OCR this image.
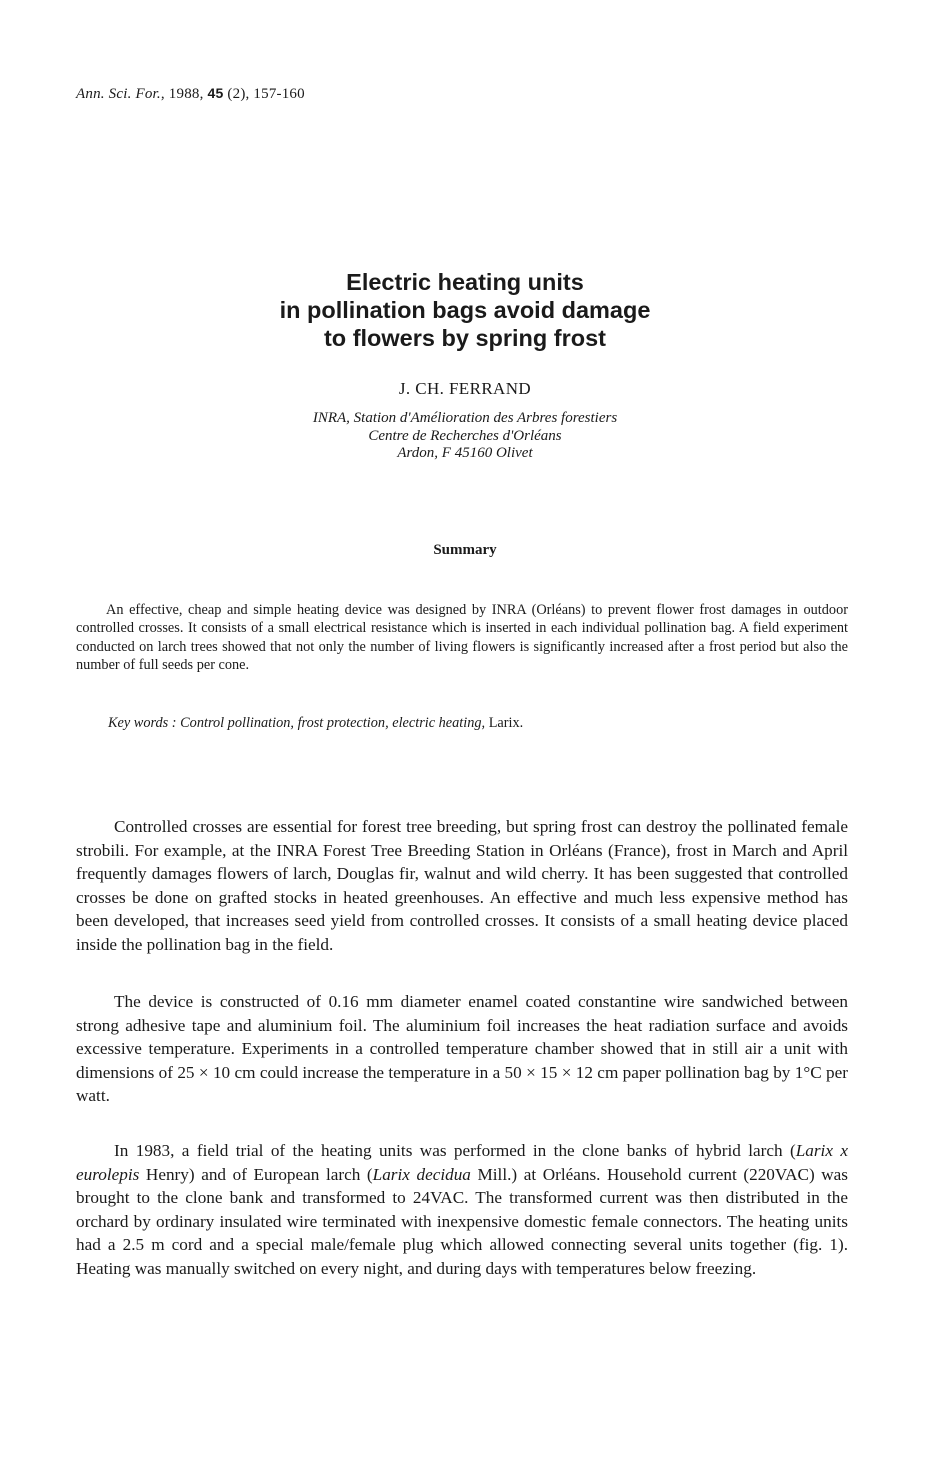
Ann. Sci. For., 1988, 45 (2), 157-160
Electric heating units
in pollination bags avoid damage
to flowers by spring frost
J. CH. FERRAND
INRA, Station d'Amélioration des Arbres forestiers
Centre de Recherches d'Orléans
Ardon, F 45160 Olivet
Summary

An effective, cheap and simple heating device was designed by INRA (Orléans) to prevent flower frost damages in outdoor controlled crosses. It consists of a small electrical resistance which is inserted in each individual pollination bag. A field experiment conducted on larch trees showed that not only the number of living flowers is significantly increased after a frost period but also the number of full seeds per cone.

Key words : Control pollination, frost protection, electric heating, Larix.

Controlled crosses are essential for forest tree breeding, but spring frost can destroy the pollinated female strobili. For example, at the INRA Forest Tree Breeding Station in Orléans (France), frost in March and April frequently damages flowers of larch, Douglas fir, walnut and wild cherry. It has been suggested that controlled crosses be done on grafted stocks in heated greenhouses. An effective and much less expensive method has been developed, that increases seed yield from controlled crosses. It consists of a small heating device placed inside the pollination bag in the field.

The device is constructed of 0.16 mm diameter enamel coated constantine wire sandwiched between strong adhesive tape and aluminium foil. The aluminium foil increases the heat radiation surface and avoids excessive temperature. Experiments in a controlled temperature chamber showed that in still air a unit with dimensions of 25 × 10 cm could increase the temperature in a 50 × 15 × 12 cm paper pollination bag by 1°C per watt.

In 1983, a field trial of the heating units was performed in the clone banks of hybrid larch (Larix x eurolepis Henry) and of European larch (Larix decidua Mill.) at Orléans. Household current (220VAC) was brought to the clone bank and transformed to 24VAC. The transformed current was then distributed in the orchard by ordinary insulated wire terminated with inexpensive domestic female connectors. The heating units had a 2.5 m cord and a special male/female plug which allowed connecting several units together (fig. 1). Heating was manually switched on every night, and during days with temperatures below freezing.
